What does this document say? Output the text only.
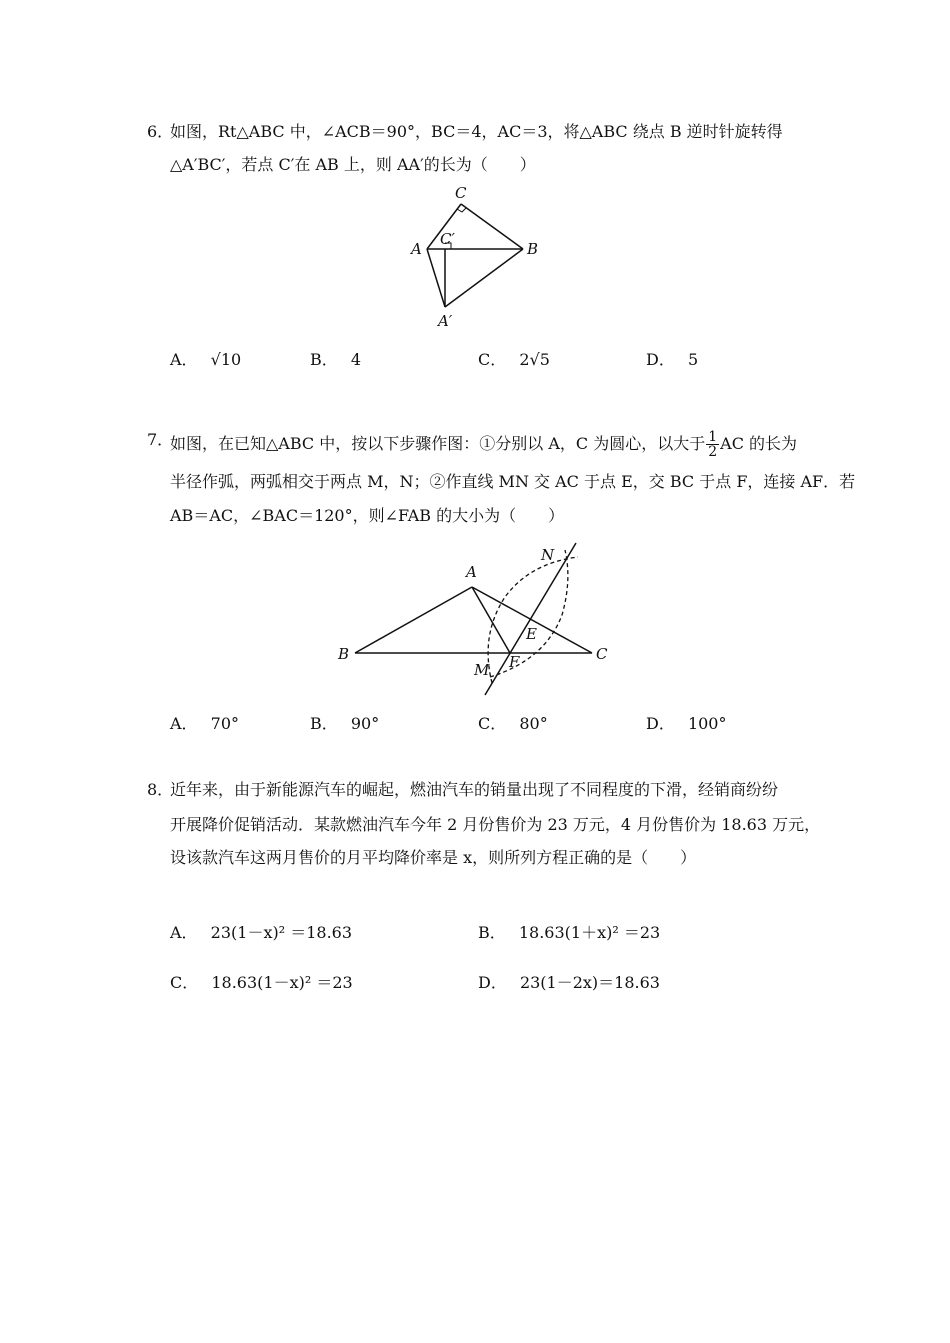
6．
如图，Rt△ABC 中，∠ACB＝90°，BC＝4，AC＝3，将△ABC 绕点 B 逆时针旋转得
△A′BC′，若点 C′在 AB 上，则 AA′的长为（　　）
C
A	B
C′
A′
A． √10	B． 4	C． 2√5	D． 5
7．
如图，在已知△ABC 中，按以下步骤作图：①分别以 A，C 为圆心，以大于 $\frac{1}{2}$ AC 的长为
半径作弧，两弧相交于两点 M，N；②作直线 MN 交 AC 于点 E，交 BC 于点 F，连接 AF．若
AB＝AC，∠BAC＝120°，则∠FAB 的大小为（　　）
A
B	C
E
F
M
N
A． 70°	B． 90°	C． 80°	D． 100°
8．
近年来，由于新能源汽车的崛起，燃油汽车的销量出现了不同程度的下滑，经销商纷纷
开展降价促销活动．某款燃油汽车今年 2 月份售价为 23 万元，4 月份售价为 18.63 万元，
设该款汽车这两月售价的月平均降价率是 x，则所列方程正确的是（　　）
A． 23(1－x)² ＝18.63	B． 18.63(1＋x)² ＝23
C． 18.63(1－x)² ＝23	D． 23(1－2x)＝18.63
